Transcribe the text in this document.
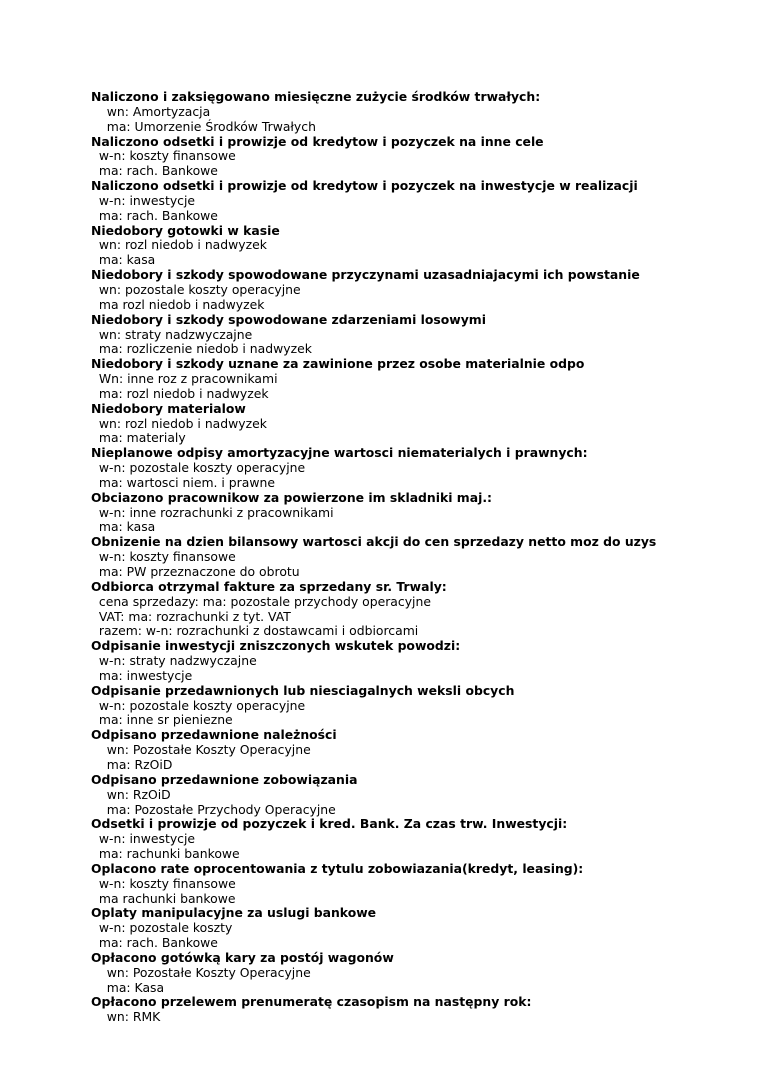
Naliczono i zaksięgowano miesięczne zużycie środków trwałych:
wn: Amortyzacja
ma: Umorzenie Środków Trwałych
Naliczono odsetki i prowizje od kredytow i pozyczek na inne cele
w-n: koszty finansowe
ma: rach. Bankowe
Naliczono odsetki i prowizje od kredytow i pozyczek na inwestycje w realizacji
w-n: inwestycje
ma: rach. Bankowe
Niedobory gotowki w kasie
wn: rozl niedob i nadwyzek
ma: kasa
Niedobory i szkody spowodowane przyczynami uzasadniajacymi ich powstanie
wn: pozostale koszty operacyjne
ma rozl niedob i nadwyzek
Niedobory i szkody spowodowane zdarzeniami losowymi
wn: straty nadzwyczajne
ma: rozliczenie niedob i nadwyzek
Niedobory i szkody uznane za zawinione przez osobe materialnie odpo
Wn: inne roz z pracownikami
ma: rozl niedob i nadwyzek
Niedobory materialow
wn: rozl niedob i nadwyzek
ma: materialy
Nieplanowe odpisy amortyzacyjne wartosci niematerialych i prawnych:
w-n: pozostale koszty operacyjne
ma: wartosci niem. i prawne
Obciazono pracownikow za powierzone im skladniki maj.:
w-n: inne rozrachunki z pracownikami
ma: kasa
Obnizenie na dzien bilansowy wartosci akcji do cen sprzedazy netto moz do uzys
w-n: koszty finansowe
ma: PW przeznaczone do obrotu
Odbiorca otrzymal fakture za sprzedany sr. Trwaly:
cena sprzedazy: ma: pozostale przychody operacyjne
VAT: ma: rozrachunki z tyt. VAT
razem: w-n: rozrachunki z dostawcami i odbiorcami
Odpisanie inwestycji zniszczonych wskutek powodzi:
w-n: straty nadzwyczajne
ma: inwestycje
Odpisanie przedawnionych lub niesciagalnych weksli obcych
w-n: pozostale koszty operacyjne
ma: inne sr pieniezne
Odpisano przedawnione należności
wn: Pozostałe Koszty Operacyjne
ma: RzOiD
Odpisano przedawnione zobowiązania
wn: RzOiD
ma: Pozostałe Przychody Operacyjne
Odsetki i prowizje od pozyczek i kred. Bank. Za czas trw. Inwestycji:
w-n: inwestycje
ma: rachunki bankowe
Oplacono rate oprocentowania z tytulu zobowiazania(kredyt, leasing):
w-n: koszty finansowe
ma rachunki bankowe
Oplaty manipulacyjne za uslugi bankowe
w-n: pozostale koszty
ma: rach. Bankowe
Opłacono gotówką kary za postój wagonów
wn: Pozostałe Koszty Operacyjne
ma: Kasa
Opłacono przelewem prenumeratę czasopism na następny rok:
wn: RMK
